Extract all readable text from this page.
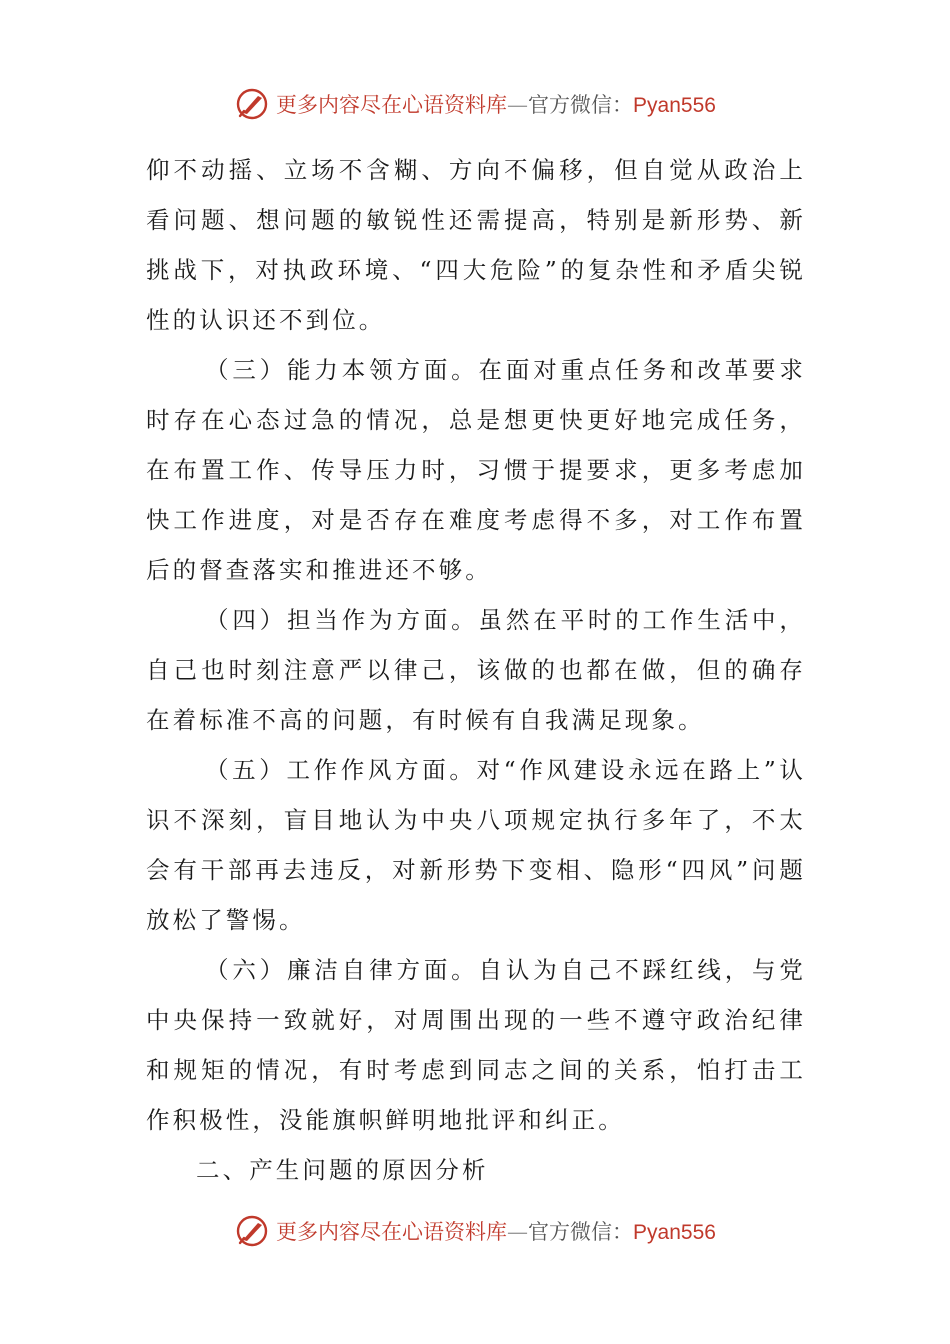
更多内容尽在心语资料库—官方微信：Pyan556

仰不动摇、立场不含糊、方向不偏移，但自觉从政治上看问题、想问题的敏锐性还需提高，特别是新形势、新挑战下，对执政环境、“四大危险”的复杂性和矛盾尖锐性的认识还不到位。

（三）能力本领方面。在面对重点任务和改革要求时存在心态过急的情况，总是想更快更好地完成任务，在布置工作、传导压力时，习惯于提要求，更多考虑加快工作进度，对是否存在难度考虑得不多，对工作布置后的督查落实和推进还不够。

（四）担当作为方面。虽然在平时的工作生活中，自己也时刻注意严以律己，该做的也都在做，但的确存在着标准不高的问题，有时候有自我满足现象。

（五）工作作风方面。对“作风建设永远在路上”认识不深刻，盲目地认为中央八项规定执行多年了，不太会有干部再去违反，对新形势下变相、隐形“四风”问题放松了警惕。

（六）廉洁自律方面。自认为自己不踩红线，与党中央保持一致就好，对周围出现的一些不遵守政治纪律和规矩的情况，有时考虑到同志之间的关系，怕打击工作积极性，没能旗帜鲜明地批评和纠正。

二、产生问题的原因分析

更多内容尽在心语资料库—官方微信：Pyan556
